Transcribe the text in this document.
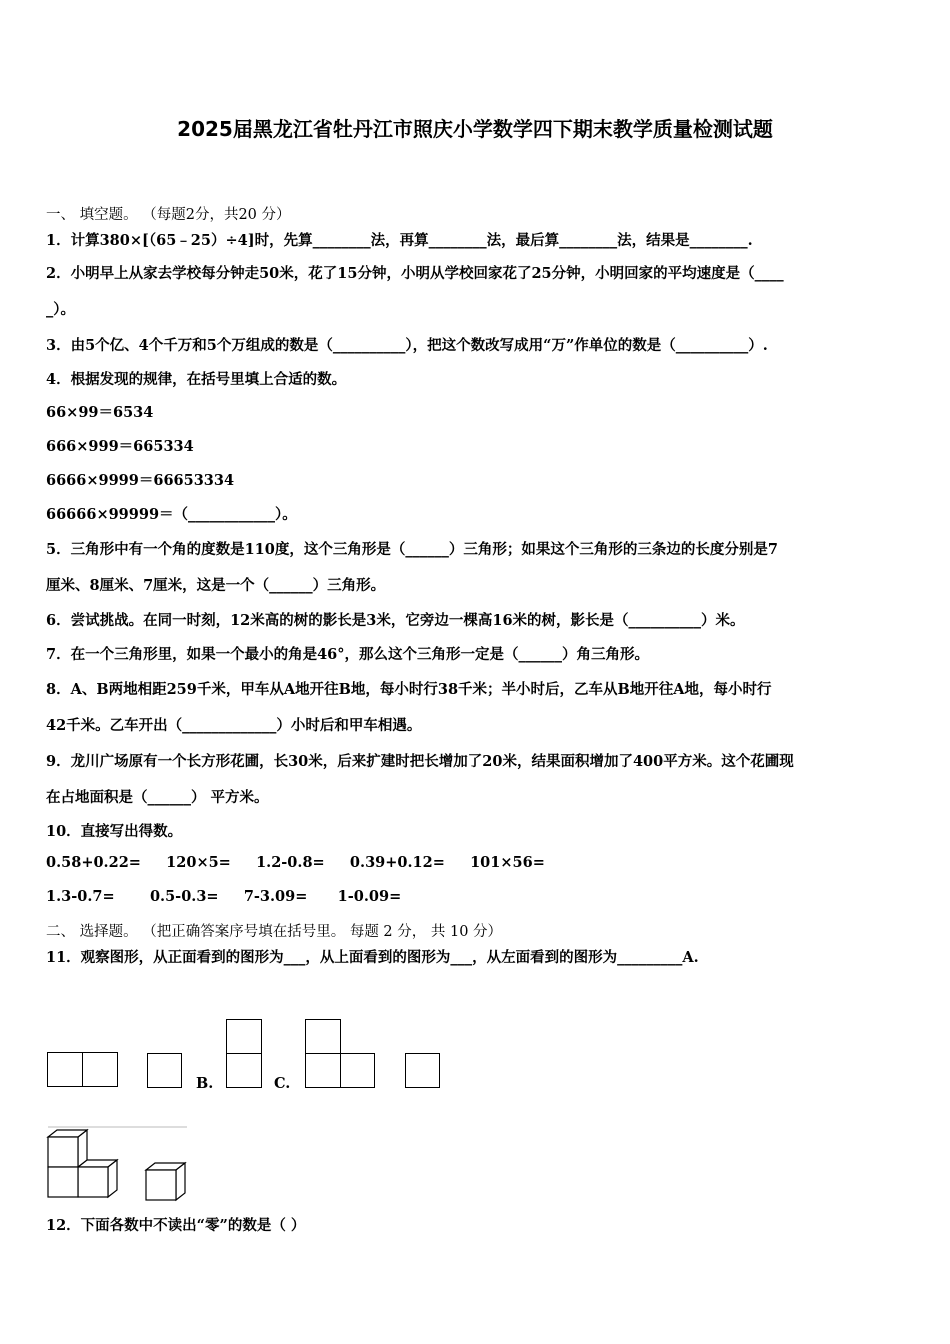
2025届黑龙江省牡丹江市照庆小学数学四下期末教学质量检测试题
一、 填空题。 （每题2分，共20 分）
1．计算380×[（65﹣25）÷4]时，先算________法，再算________法，最后算________法，结果是________.
2．小明早上从家去学校每分钟走50米，花了15分钟，小明从学校回家花了25分钟，小明回家的平均速度是（____
_）。
3．由5个亿、4个千万和5个万组成的数是（__________），把这个数改写成用“万”作单位的数是（__________）.
4．根据发现的规律，在括号里填上合适的数。
66×99＝6534
666×999＝665334
6666×9999＝66653334
66666×99999＝（____________）。
5．三角形中有一个角的度数是110度，这个三角形是（______）三角形；如果这个三角形的三条边的长度分别是7
厘米、8厘米、7厘米，这是一个（______）三角形。
6．尝试挑战。在同一时刻，12米高的树的影长是3米，它旁边一棵高16米的树，影长是（__________）米。
7．在一个三角形里，如果一个最小的角是46°，那么这个三角形一定是（______）角三角形。
8．A、B两地相距259千米，甲车从A地开往B地，每小时行38千米；半小时后，乙车从B地开往A地，每小时行
42千米。乙车开出（_____________）小时后和甲车相遇。
9．龙川广场原有一个长方形花圃，长30米，后来扩建时把长增加了20米，结果面积增加了400平方米。这个花圃现
在占地面积是（______） 平方米。
10．直接写出得数。
0.58+0.22=     120×5=     1.2-0.8=     0.39+0.12=     101×56=
1.3-0.7=       0.5-0.3=     7-3.09=      1-0.09=
二、 选择题。 （把正确答案序号填在括号里。 每题 2 分， 共 10 分）
11．观察图形，从正面看到的图形为___，从上面看到的图形为___，从左面看到的图形为_________A.
B.	C.
12．下面各数中不读出“零”的数是（ ）
